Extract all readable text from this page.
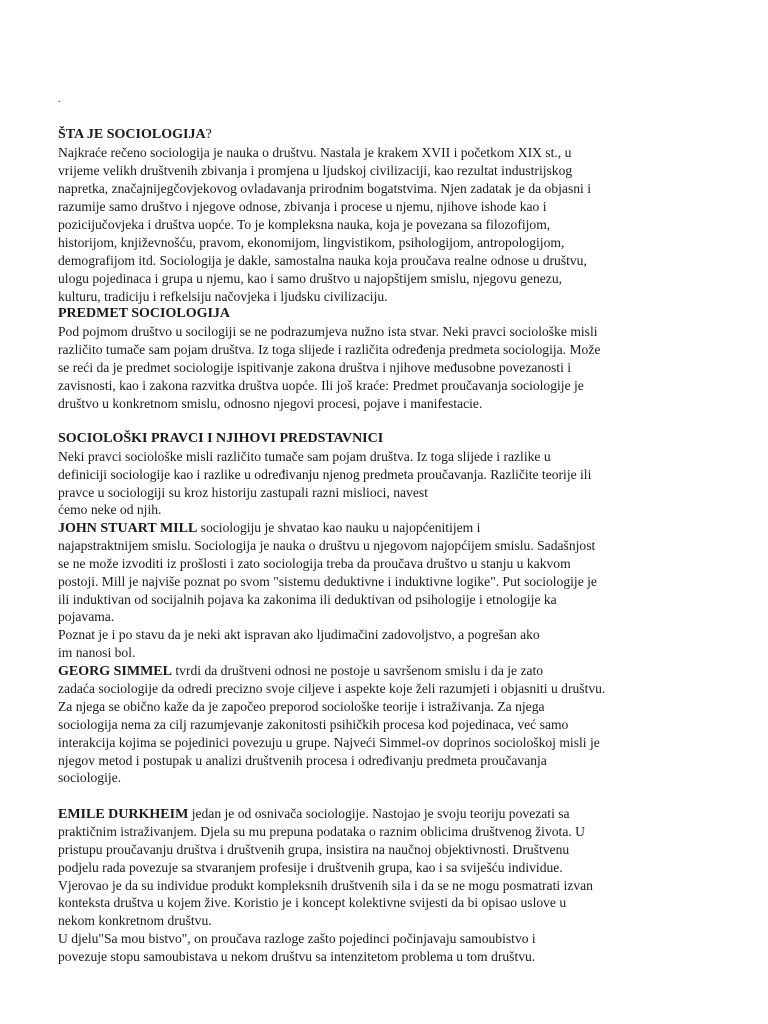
.
ŠTA JE SOCIOLOGIJA?
Najkraće rečeno sociologija je nauka o društvu. Nastala je krakem XVII i početkom XIX st., u
vrijeme velikh društvenih zbivanja i promjena u ljudskoj civilizaciji, kao rezultat industrijskog
napretka, značajnijegčovjekovog ovladavanja prirodnim bogatstvima. Njen zadatak je da objasni i
razumije samo društvo i njegove odnose, zbivanja i procese u njemu, njihove ishode kao i
pozicijučovjeka i društva uopće. To je kompleksna nauka, koja je povezana sa filozofijom,
historijom, književnošću, pravom, ekonomijom, lingvistikom, psihologijom, antropologijom,
demografijom itd. Sociologija je dakle, samostalna nauka koja proučava realne odnose u društvu,
ulogu pojedinaca i grupa u njemu, kao i samo društvo u najopštijem smislu, njegovu genezu,
kulturu, tradiciju i refkelsiju načovjeka i ljudsku civilizaciju.
PREDMET SOCIOLOGIJA
Pod pojmom društvo u socilogiji se ne podrazumjeva nužno ista stvar. Neki pravci sociološke misli
različito tumače sam pojam društva. Iz toga slijede i različita određenja predmeta sociologija. Može
se reći da je predmet sociologije ispitivanje zakona društva i njihove međusobne povezanosti i
zavisnosti, kao i zakona razvitka društva uopće. Ili još kraće: Predmet proučavanja sociologije je
društvo u konkretnom smislu, odnosno njegovi procesi, pojave i manifestacie.
SOCIOLOŠKI PRAVCI I NJIHOVI PREDSTAVNICI
Neki pravci sociološke misli različito tumače sam pojam društva. Iz toga slijede i razlike u
definiciji sociologije kao i razlike u određivanju njenog predmeta proučavanja. Različite teorije ili
pravce u sociologiji su kroz historiju zastupali razni mislioci, navest
ćemo neke od njih.
JOHN STUART MILL sociologiju je shvatao kao nauku u najopćenitijem i
najapstraktnijem smislu. Sociologija je nauka o društvu u njegovom najopćijem smislu. Sadašnjost
se ne može izvoditi iz prošlosti i zato sociologija treba da proučava društvo u stanju u kakvom
postoji. Mill je najviše poznat po svom "sistemu deduktivne i induktivne logike". Put sociologije je
ili induktivan od socijalnih pojava ka zakonima ili deduktivan od psihologije i etnologije ka
pojavama.
Poznat je i po stavu da je neki akt ispravan ako ljudimačini zadovoljstvo, a pogrešan ako
im nanosi bol.
GEORG SIMMEL tvrdi da društveni odnosi ne postoje u savršenom smislu i da je zato
zadaća sociologije da odredi precizno svoje ciljeve i aspekte koje želi razumjeti i objasniti u društvu.
Za njega se obično kaže da je započeo preporod sociološke teorije i istraživanja. Za njega
sociologija nema za cilj razumjevanje zakonitosti psihičkih procesa kod pojedinaca, već samo
interakcija kojima se pojedinici povezuju u grupe. Najveći Simmel-ov doprinos sociološkoj misli je
njegov metod i postupak u analizi društvenih procesa i određivanju predmeta proučavanja
sociologije.
EMILE DURKHEIM jedan je od osnivača sociologije. Nastojao je svoju teoriju povezati sa
praktičnim istraživanjem. Djela su mu prepuna podataka o raznim oblicima društvenog života. U
pristupu proučavanju društva i društvenih grupa, insistira na naučnoj objektivnosti. Društvenu
podjelu rada povezuje sa stvaranjem profesije i društvenih grupa, kao i sa sviješću individue.
Vjerovao je da su individue produkt kompleksnih društvenih sila i da se ne mogu posmatrati izvan
konteksta društva u kojem žive. Koristio je i koncept kolektivne svijesti da bi opisao uslove u
nekom konkretnom društvu.
U djelu"Sa mou bistvo", on proučava razloge zašto pojedinci počinjavaju samoubistvo i
povezuje stopu samoubistava u nekom društvu sa intenzitetom problema u tom društvu.
